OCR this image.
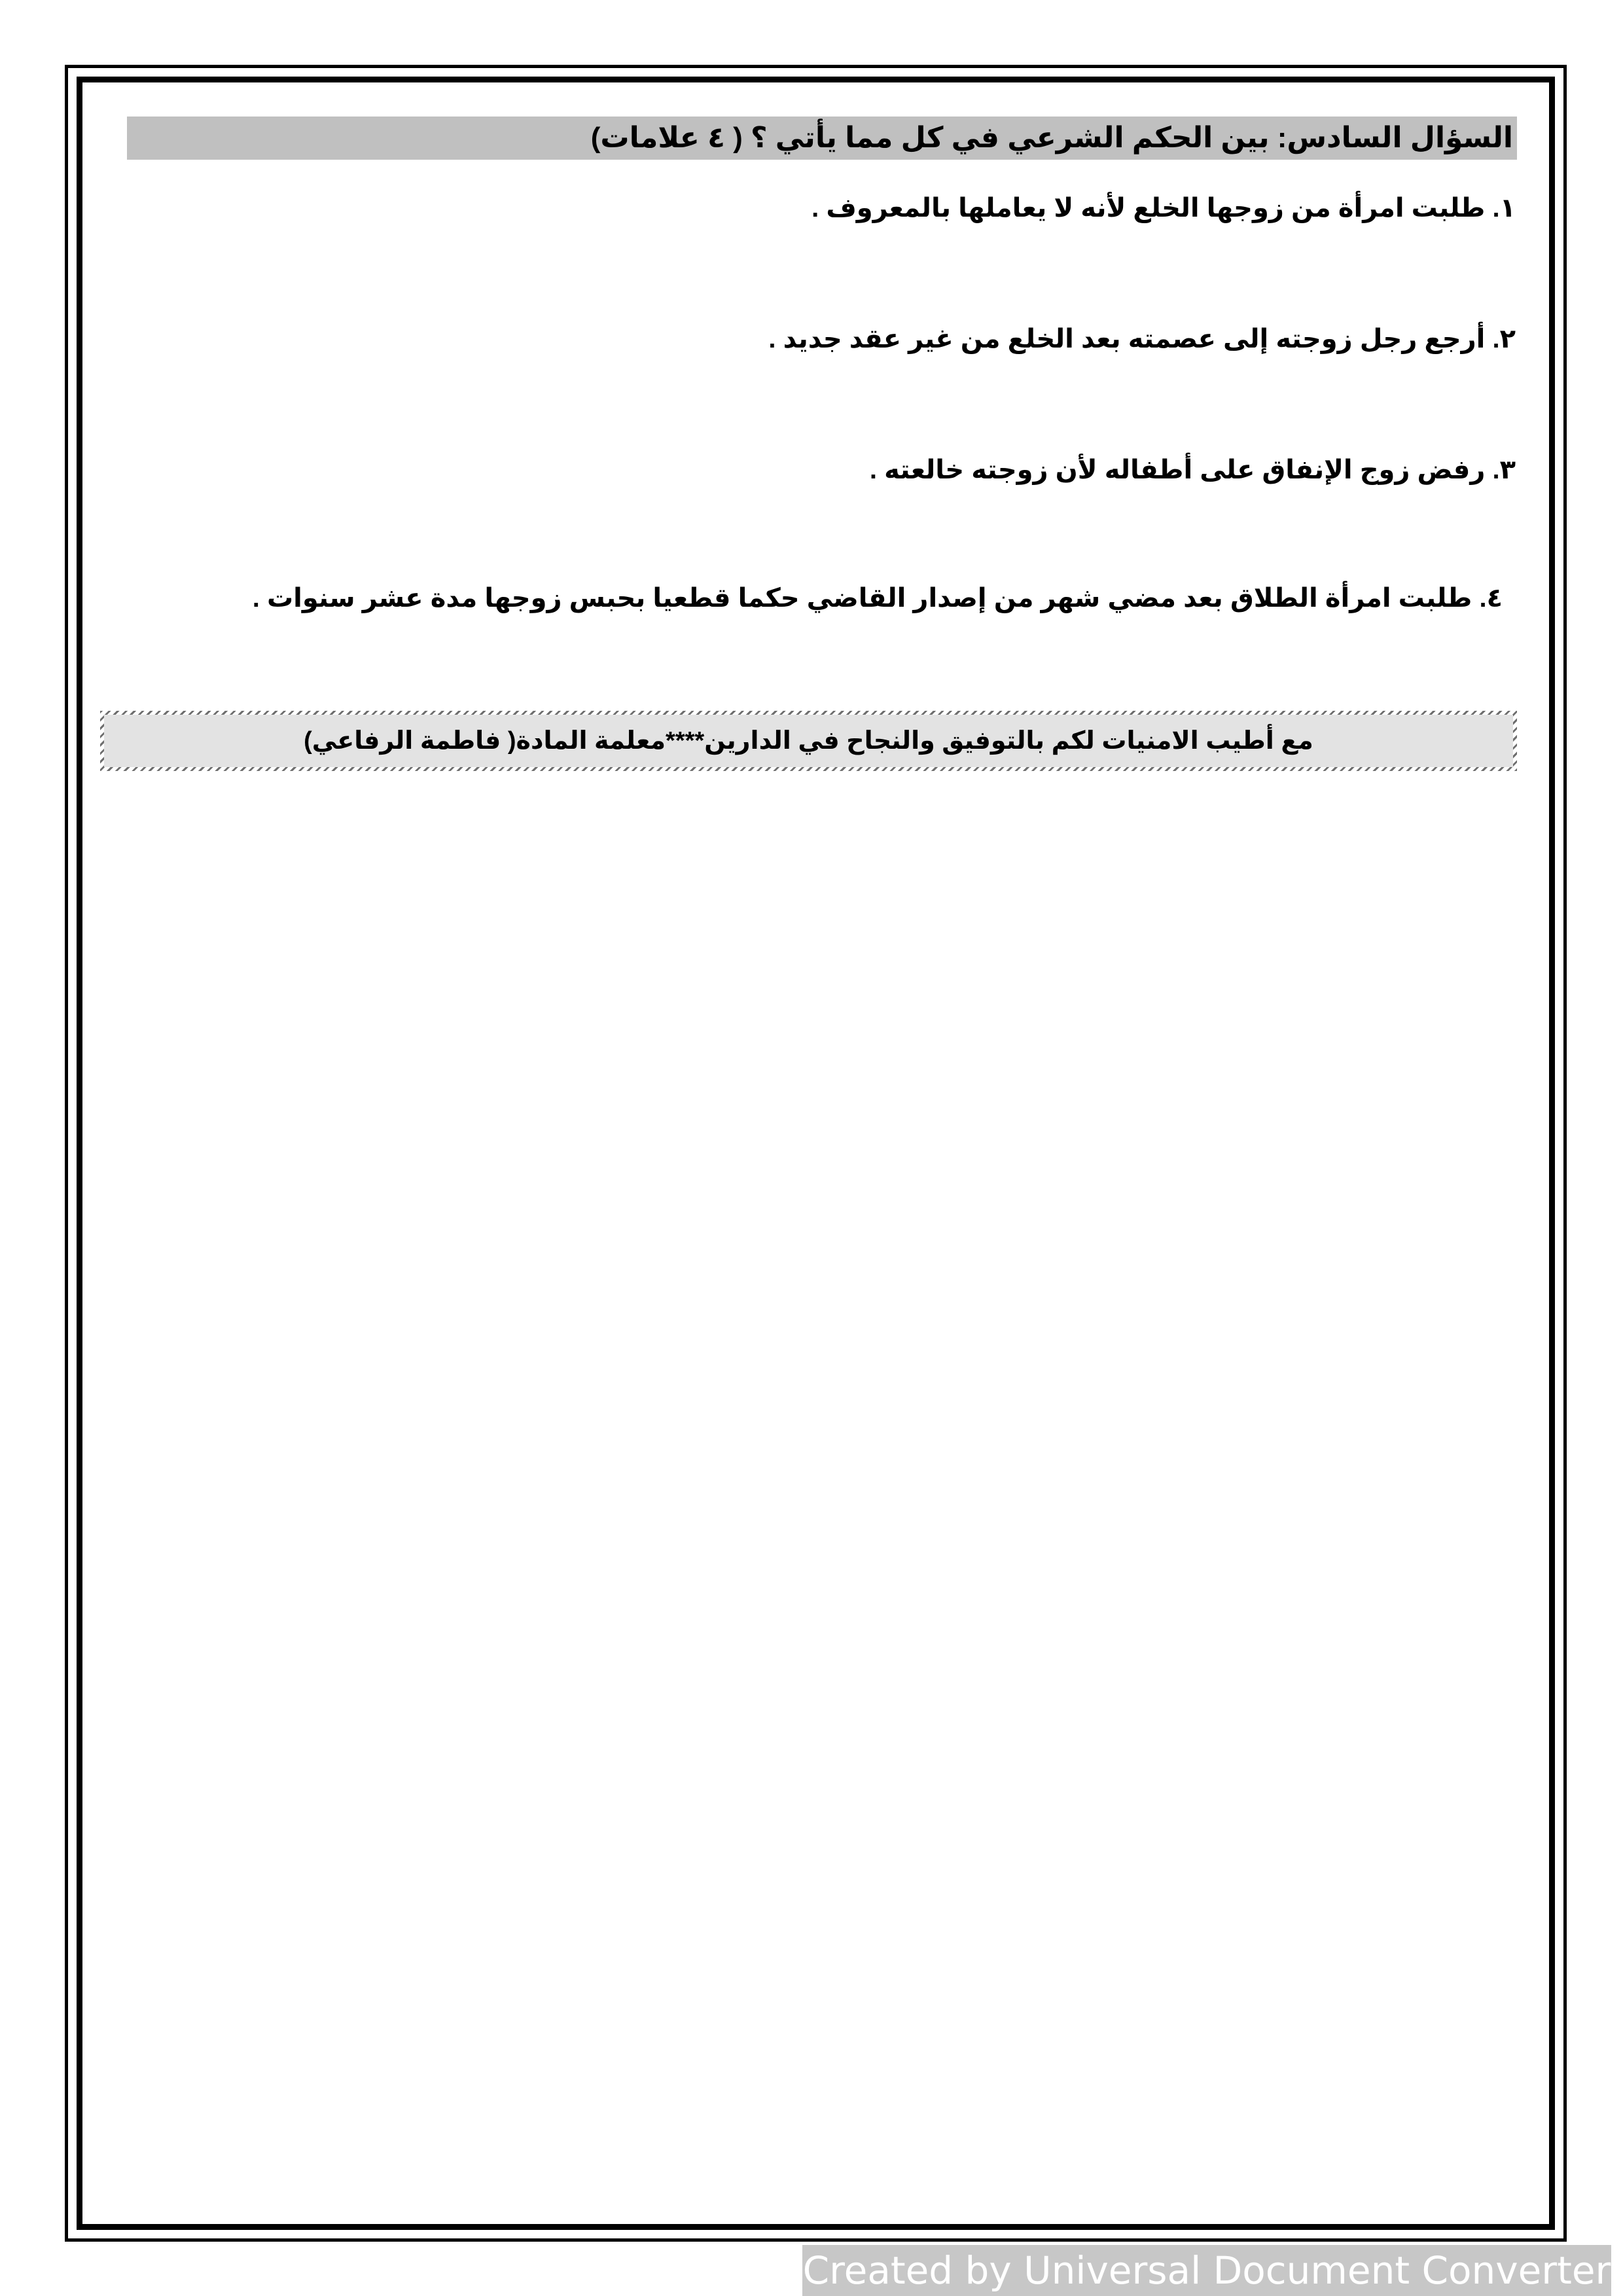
السؤال السادس: بين الحكم الشرعي في كل مما يأتي ؟ ( ٤ علامات)
١. طلبت امرأة من زوجها الخلع لأنه لا يعاملها بالمعروف .
٢. أرجع رجل زوجته إلى عصمته بعد الخلع من غير عقد جديد .
٣. رفض زوج الإنفاق على أطفاله لأن زوجته خالعته .
٤. طلبت امرأة الطلاق بعد مضي شهر من إصدار القاضي حكما قطعيا بحبس زوجها مدة عشر سنوات .
مع أطيب الامنيات لكم بالتوفيق والنجاح في الدارين****معلمة المادة( فاطمة الرفاعي)
Created by Universal Document Converter
